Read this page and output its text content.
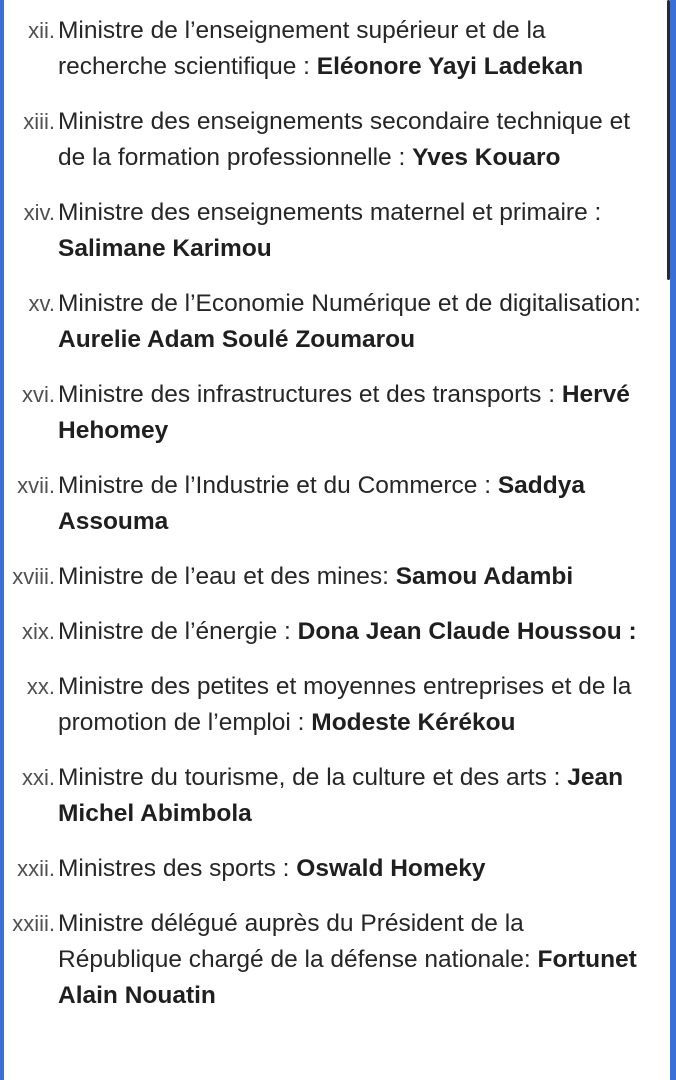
xii. Ministre de l’enseignement supérieur et de la recherche scientifique : Eléonore Yayi Ladekan
xiii. Ministre des enseignements secondaire technique et de la formation professionnelle : Yves Kouaro
xiv. Ministre des enseignements maternel et primaire : Salimane Karimou
xv. Ministre de l’Economie Numérique et de digitalisation: Aurelie Adam Soulé Zoumarou
xvi. Ministre des infrastructures et des transports : Hervé Hehomey
xvii. Ministre de l’Industrie et du Commerce : Saddya Assouma
xviii. Ministre de l’eau et des mines: Samou Adambi
xix. Ministre de l’énergie : Dona Jean Claude Houssou :
xx. Ministre des petites et moyennes entreprises et de la promotion de l’emploi : Modeste Kérékou
xxi. Ministre du tourisme, de la culture et des arts : Jean Michel Abimbola
xxii. Ministres des sports : Oswald Homeky
xxiii. Ministre délégué auprès du Président de la République chargé de la défense nationale: Fortunet Alain Nouatin
